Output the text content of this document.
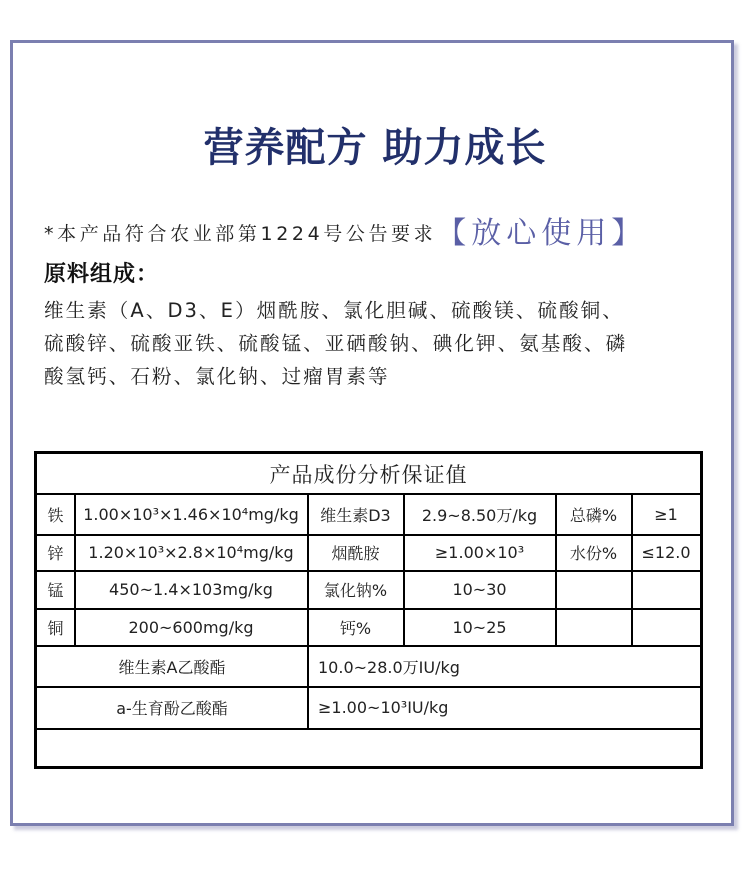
营养配方 助力成长
*本产品符合农业部第1224号公告要求【放心使用】
原料组成：
维生素（A、D3、E）烟酰胺、氯化胆碱、硫酸镁、硫酸铜、
硫酸锌、硫酸亚铁、硫酸锰、亚硒酸钠、碘化钾、氨基酸、磷
酸氢钙、石粉、氯化钠、过瘤胃素等
产品成份分析保证值
铁	1.00×10³×1.46×10⁴mg/kg	维生素D3	2.9~8.50万/kg	总磷%	≥1
锌	1.20×10³×2.8×10⁴mg/kg	烟酰胺	≥1.00×10³	水份%	≤12.0
锰	450~1.4×103mg/kg	氯化钠%	10~30
铜	200~600mg/kg	钙%	10~25
维生素A乙酸酯	10.0~28.0万IU/kg
a-生育酚乙酸酯	≥1.00~10³IU/kg
